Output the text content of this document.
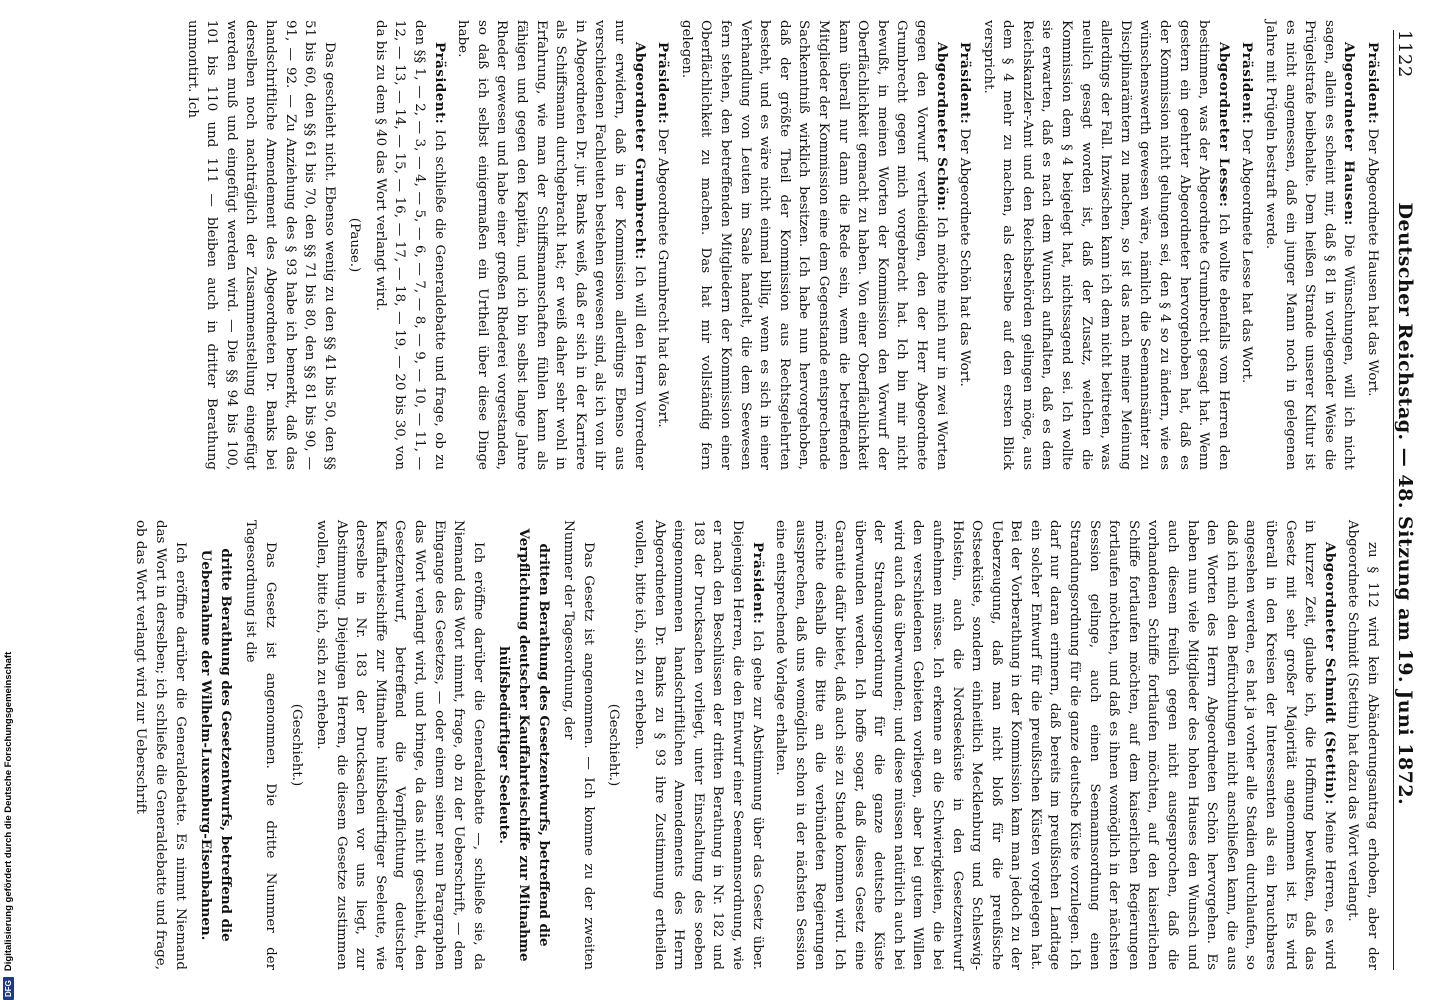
1122
Deutscher Reichstag. — 48. Sitzung am 19. Juni 1872.

Präsident: Der Abgeordnete Hausen hat das Wort.

Abgeordneter Hausen: Die Wünschungen, will ich nicht sagen, allein es scheint mir, daß § 81 in vorliegender Weise die Prügelstrafe beibehalte. Dem heißen Strande unserer Kultur ist es nicht angemessen, daß ein junger Mann noch in gelegenen Jahre mit Prügeln bestraft werde.

Präsident: Der Abgeordnete Lesse hat das Wort.

Abgeordneter Lesse: Ich wollte ebenfalls vom Herren den bestimmen, was der Abgeordnete Grumbrecht gesagt hat. Wenn gestern ein geehrter Abgeordneter hervorgehoben hat, daß es der Kommission nicht gelungen sei, den § 4 so zu ändern, wie es wünschenswerth gewesen wäre, nämlich die Seemannsämter zu Disciplinarämtern zu machen, so ist das nach meiner Meinung allerdings der Fall. Inzwischen kann ich dem nicht beitreten, was neulich gesagt worden ist, daß der Zusatz, welchen die Kommission dem § 4 beigelegt hat, nichtssagend sei. Ich wollte sie erwarten, daß es nach dem Wunsch aufhalten, daß es dem Reichskanzler-Amt und den Reichsbehörden gelingen möge, aus dem § 4 mehr zu machen, als derselbe auf den ersten Blick verspricht.

Präsident: Der Abgeordnete Schön hat das Wort.

Abgeordneter Schön: Ich möchte mich nur in zwei Worten gegen den Vorwurf vertheidigen, den der Herr Abgeordnete Grumbrecht gegen mich vorgebracht hat. Ich bin mir nicht bewußt, in meinen Worten der Kommission den Vorwurf der Oberflächlichkeit gemacht zu haben. Von einer Oberflächlichkeit kann überall nur dann die Rede sein, wenn die betreffenden Mitglieder der Kommission eine dem Gegenstande entsprechende Sachkenntniß wirklich besitzen. Ich habe nun hervorgehoben, daß der größte Theil der Kommission aus Rechtsgelehrten besteht, und es wäre nicht einmal billig, wenn es sich in einer Verhandlung von Leuten im Saale handelt, die dem Seewesen fern stehen, den betreffenden Mitgliedern der Kommission einer Oberflächlichkeit zu machen. Das hat mir vollständig fern gelegen.

Präsident: Der Abgeordnete Grumbrecht hat das Wort.

Abgeordneter Grumbrecht: Ich will den Herrn Vorredner nur erwidern, daß in der Kommission allerdings Ebenso aus verschiedenen Fachleuten bestehen gewesen sind, als ich von ihr in Abgeordneten Dr. jur. Banks weiß, daß er sich in der Karriere als Schiffsmann durchgebracht hat; er weiß daher sehr wohl in Erfahrung, wie man der Schiffsmannschaften fühlen kann als fähigen und gegen den Kapitän, und ich bin selbst lange Jahre Rheder gewesen und habe einer großen Rhederei vorgestanden, so daß ich selbst einigermaßen ein Urtheil über diese Dinge habe.

Präsident: Ich schließe die Generaldebatte und frage, ob zu den §§ 1, — 2, — 3, — 4, — 5, — 6, — 7, — 8, — 9, — 10, — 11, — 12, — 13, — 14, — 15, — 16, — 17, — 18, — 19, — 20 bis 30, von da bis zu dem § 40 das Wort verlangt wird.

(Pause.)

Das geschieht nicht. Ebenso wenig zu den §§ 41 bis 50, den §§ 51 bis 60, den §§ 61 bis 70, den §§ 71 bis 80, den §§ 81 bis 90, — 91, — 92. — Zu Anziehung des § 93 habe ich bemerkt, daß das handschriftliche Amendement des Abgeordneten Dr. Banks bei derselben noch nachträglich der Zusammenstellung eingefügt werden muß und eingefügt werden wird. — Die §§ 94 bis 100, 101 bis 110 und 111 — bleiben auch in dritter Berathung unmontirt. Ich

zu § 112 wird kein Abänderungsantrag erhoben, aber der Abgeordnete Schmidt (Stettin) hat dazu das Wort verlangt.

Abgeordneter Schmidt (Stettin): Meine Herren, es wird in kurzer Zeit, glaube ich, die Hoffnung bewußten, daß das Gesetz mit sehr großer Majorität angenommen ist. Es wird überall in den Kreisen der Interessenten als ein brauchbares angesehen werden, es hat ja vorher alle Stadien durchlaufen, so daß ich mich den Befürchtungen nicht anschließen kann, die aus den Worten des Herrn Abgeordneten Schön hervorgehen. Es haben nun viele Mitglieder des hohen Hauses den Wunsch und auch diesem freilich gegen nicht ausgesprochen, daß die vorhandenen Schiffe fortlaufen möchten, auf den kaiserlichen Schiffe fortlaufen möchten, auf dem kaiserlichen Regierungen fortlaufen möchten, und daß es ihnen womöglich in der nächsten Session gelinge, auch einen Seemannsordnung einen Strandungsordnung für die ganze deutsche Küste vorzulegen. Ich darf nur daran erinnern, daß bereits im preußischen Landtage ein solcher Entwurf für die preußischen Küsten vorgelegen hat. Bei der Vorberathung in der Kommission kam man jedoch zu der Ueberzeugung, daß man nicht bloß für die preußische Ostseeküste, sondern einheitlich Mecklenburg und Schleswig-Holstein, auch die Nordseeküste in den Gesetzentwurf aufnehmen müsse. Ich erkenne an die Schwierigkeiten, die bei den verschiedenen Gebieten vorliegen, aber bei gutem Willen wird auch das überwunden; und diese müssen natürlich auch bei der Strandungsordnung für die ganze deutsche Küste überwunden werden. Ich hoffe sogar, daß dieses Gesetz eine Garantie dafür bietet, daß auch sie zu Stande kommen wird. Ich möchte deshalb die Bitte an die verbündeten Regierungen aussprechen, daß uns womöglich schon in der nächsten Session eine entsprechende Vorlage erhalten.

Präsident: Ich gehe zur Abstimmung über das Gesetz über. Diejenigen Herren, die den Entwurf einer Seemannsordnung, wie er nach den Beschlüssen der dritten Berathung in Nr. 182 und 183 der Drucksachen vorliegt, unter Einschaltung des soeben eingenommenen handschriftlichen Amendements des Herrn Abgeordneten Dr. Banks zu § 93 ihre Zustimmung ertheilen wollen, bitte ich, sich zu erheben.

(Geschieht.)

Das Gesetz ist angenommen. — Ich komme zu der zweiten Nummer der Tagesordnung, der

dritten Berathung des Gesetzentwurfs, betreffend die Verpflichtung deutscher Kauffahrteischiffe zur Mitnahme hülfsbedürftiger Seeleute.

Ich eröffne darüber die Generaldebatte —, schließe sie, da Niemand das Wort nimmt, frage, ob zu der Ueberschrift, — dem Eingange des Gesetzes, — oder einem seiner neun Paragraphen das Wort verlangt wird, und bringe, da das nicht geschieht, den Gesetzentwurf, betreffend die Verpflichtung deutscher Kauffahrteischiffe zur Mitnahme hülfsbedürftiger Seeleute, wie derselbe in Nr. 183 der Drucksachen vor uns liegt, zur Abstimmung. Diejenigen Herren, die diesem Gesetze zustimmen wollen, bitte ich, sich zu erheben.

(Geschieht.)

Das Gesetz ist angenommen. Die dritte Nummer der Tagesordnung ist die

dritte Berathung des Gesetzentwurfs, betreffend die Uebernahme der Wilhelm-Luxemburg-Eisenbahnen.

Ich eröffne darüber die Generaldebatte. Es nimmt Niemand das Wort in derselben; ich schließe die Generaldebatte und frage, ob das Wort verlangt wird zur Ueberschrift

DFG
Digitalisierung gefördert durch die Deutsche Forschungsgemeinschaft
